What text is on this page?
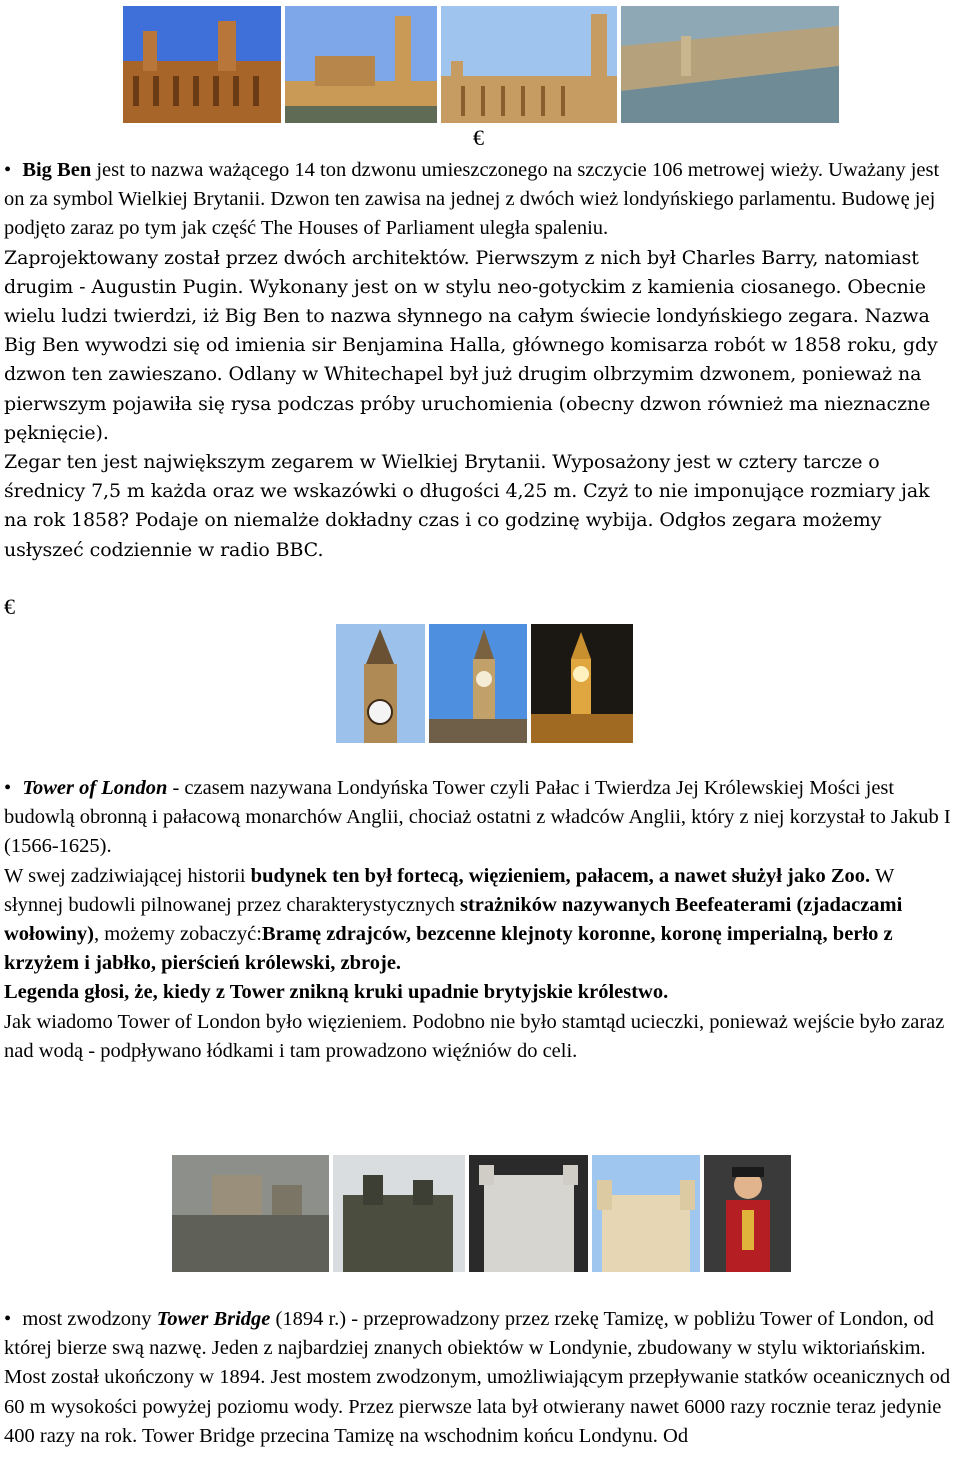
€

• Big Ben jest to nazwa ważącego 14 ton dzwonu umieszczonego na szczycie 106 metrowej wieży. Uważany jest on za symbol Wielkiej Brytanii. Dzwon ten zawisa na jednej z dwóch wież londyńskiego parlamentu. Budowę jej podjęto zaraz po tym jak część The Houses of Parliament uległa spaleniu.

Zaprojektowany został przez dwóch architektów. Pierwszym z nich był Charles Barry, natomiast drugim - Augustin Pugin. Wykonany jest on w stylu neo-gotyckim z kamienia ciosanego. Obecnie wielu ludzi twierdzi, iż Big Ben to nazwa słynnego na całym świecie londyńskiego zegara. Nazwa Big Ben wywodzi się od imienia sir Benjamina Halla, głównego komisarza robót w 1858 roku, gdy dzwon ten zawieszano. Odlany w Whitechapel był już drugim olbrzymim dzwonem, ponieważ na pierwszym pojawiła się rysa podczas próby uruchomienia (obecny dzwon również ma nieznaczne pęknięcie).

Zegar ten jest największym zegarem w Wielkiej Brytanii. Wyposażony jest w cztery tarcze o średnicy 7,5 m każda oraz we wskazówki o długości 4,25 m. Czyż to nie imponujące rozmiary jak na rok 1858? Podaje on niemalże dokładny czas i co godzinę wybija. Odgłos zegara możemy usłyszeć codziennie w radio BBC.

€

• Tower of London - czasem nazywana Londyńska Tower czyli Pałac i Twierdza Jej Królewskiej Mości jest budowlą obronną i pałacową monarchów Anglii, chociaż ostatni z władców Anglii, który z niej korzystał to Jakub I (1566-1625).

W swej zadziwiającej historii budynek ten był fortecą, więzieniem, pałacem, a nawet służył jako Zoo. W słynnej budowli pilnowanej przez charakterystycznych strażników nazywanych Beefeaterami (zjadaczami wołowiny), możemy zobaczyć:Bramę zdrajców, bezcenne klejnoty koronne, koronę imperialną, berło z krzyżem i jabłko, pierścień królewski, zbroje.

Legenda głosi, że, kiedy z Tower znikną kruki upadnie brytyjskie królestwo.

Jak wiadomo Tower of London było więzieniem. Podobno nie było stamtąd ucieczki, ponieważ wejście było zaraz nad wodą - podpływano łódkami i tam prowadzono więźniów do celi.

• most zwodzony Tower Bridge (1894 r.) - przeprowadzony przez rzekę Tamizę, w pobliżu Tower of London, od której bierze swą nazwę. Jeden z najbardziej znanych obiektów w Londynie, zbudowany w stylu wiktoriańskim. Most został ukończony w 1894. Jest mostem zwodzonym, umożliwiającym przepływanie statków oceanicznych od 60 m wysokości powyżej poziomu wody. Przez pierwsze lata był otwierany nawet 6000 razy rocznie teraz jedynie 400 razy na rok. Tower Bridge przecina Tamizę na wschodnim końcu Londynu. Od
